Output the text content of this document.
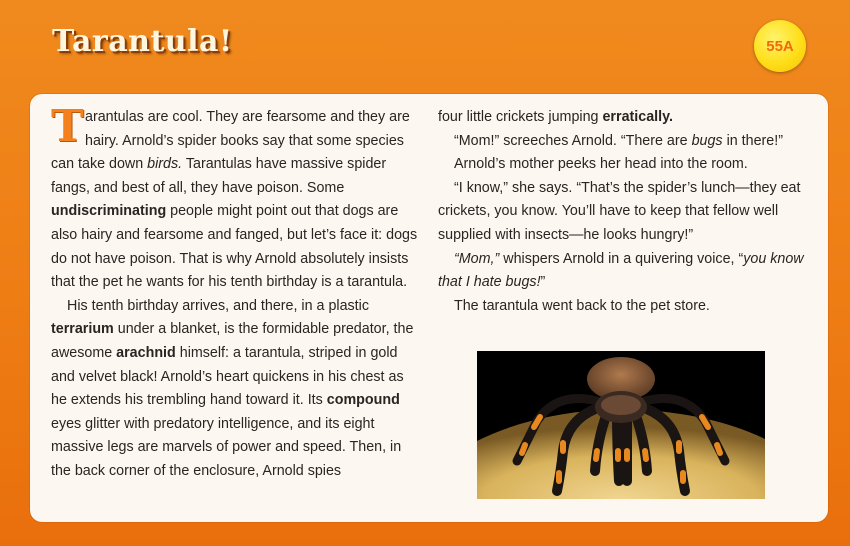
Tarantula!	55A

Tarantulas are cool. They are fearsome and they are hairy. Arnold’s spider books say that some species can take down birds. Tarantulas have massive spider fangs, and best of all, they have poison. Some undiscriminating people might point out that dogs are also hairy and fearsome and fanged, but let’s face it: dogs do not have poison. That is why Arnold absolutely insists that the pet he wants for his tenth birthday is a tarantula.

His tenth birthday arrives, and there, in a plastic terrarium under a blanket, is the formidable predator, the awesome arachnid himself: a tarantula, striped in gold and velvet black! Arnold’s heart quickens in his chest as he extends his trembling hand toward it. Its compound eyes glitter with predatory intelligence, and its eight massive legs are marvels of power and speed. Then, in the back corner of the enclosure, Arnold spies

four little crickets jumping erratically.

“Mom!” screeches Arnold. “There are bugs in there!”

Arnold’s mother peeks her head into the room.

“I know,” she says. “That’s the spider’s lunch—they eat crickets, you know. You’ll have to keep that fellow well supplied with insects—he looks hungry!”

“Mom,” whispers Arnold in a quivering voice, “you know that I hate bugs!”

The tarantula went back to the pet store.
